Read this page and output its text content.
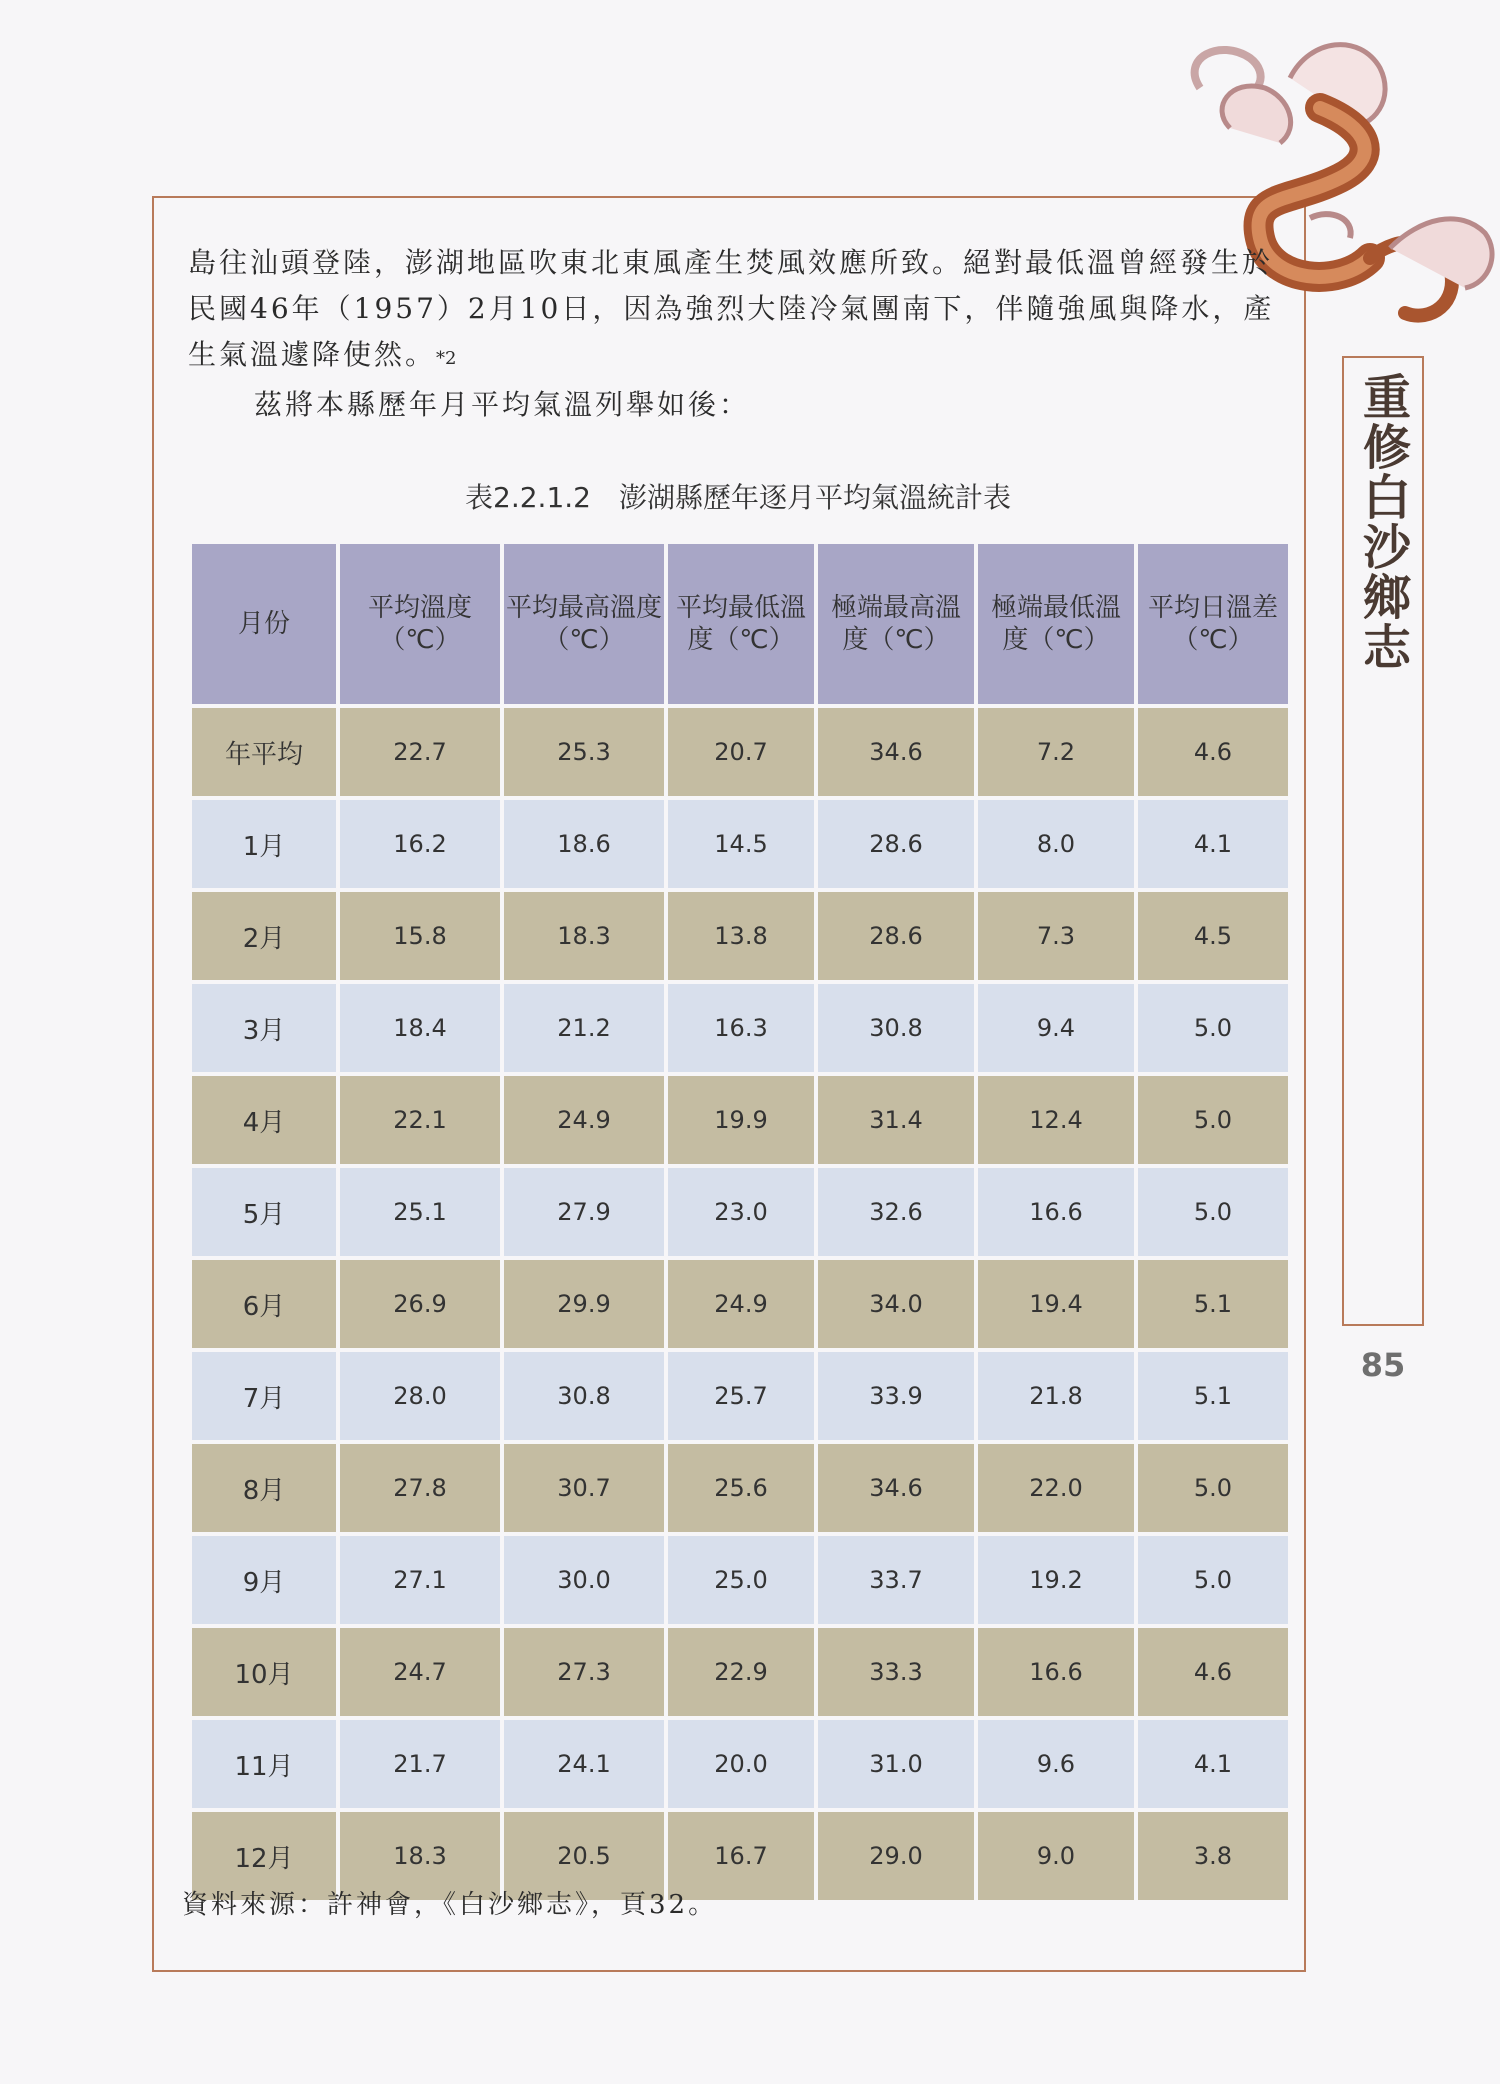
重修白沙鄉志
85

島往汕頭登陸，澎湖地區吹東北東風產生焚風效應所致。絕對最低溫曾經發生於民國46年（1957）2月10日，因為強烈大陸冷氣團南下，伴隨強風與降水，產生氣溫遽降使然。*2

茲將本縣歷年月平均氣溫列舉如後：

表2.2.1.2　澎湖縣歷年逐月平均氣溫統計表
月份	平均溫度（℃）	平均最高溫度（℃）	平均最低溫度（℃）	極端最高溫度（℃）	極端最低溫度（℃）	平均日溫差（℃）
年平均	22.7	25.3	20.7	34.6	7.2	4.6
1月	16.2	18.6	14.5	28.6	8.0	4.1
2月	15.8	18.3	13.8	28.6	7.3	4.5
3月	18.4	21.2	16.3	30.8	9.4	5.0
4月	22.1	24.9	19.9	31.4	12.4	5.0
5月	25.1	27.9	23.0	32.6	16.6	5.0
6月	26.9	29.9	24.9	34.0	19.4	5.1
7月	28.0	30.8	25.7	33.9	21.8	5.1
8月	27.8	30.7	25.6	34.6	22.0	5.0
9月	27.1	30.0	25.0	33.7	19.2	5.0
10月	24.7	27.3	22.9	33.3	16.6	4.6
11月	21.7	24.1	20.0	31.0	9.6	4.1
12月	18.3	20.5	16.7	29.0	9.0	3.8
資料來源：許神會，《白沙鄉志》，頁32。
